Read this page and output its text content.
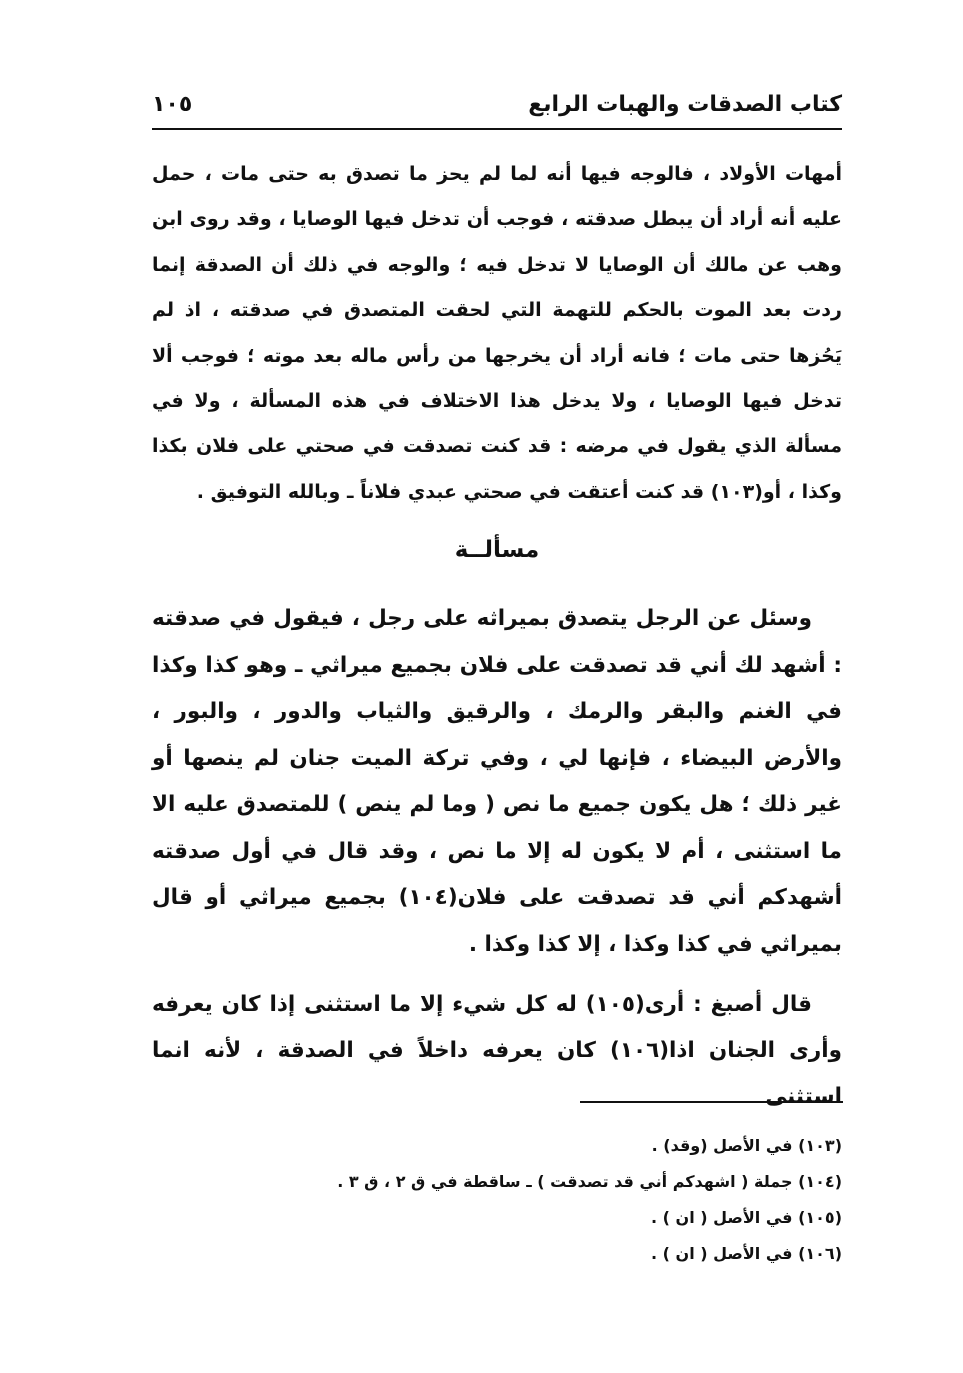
كتاب الصدقات والهبات الرابع
١٠٥

أمهات الأولاد ، فالوجه فيها أنه لما لم يحز ما تصدق به حتى مات ، حمل عليه أنه أراد أن يبطل صدقته ، فوجب أن تدخل فيها الوصايا ، وقد روى ابن وهب عن مالك أن الوصايا لا تدخل فيه ؛ والوجه في ذلك أن الصدقة إنما ردت بعد الموت بالحكم للتهمة التي لحقت المتصدق في صدقته ، اذ لم يَحُزها حتى مات ؛ فانه أراد أن يخرجها من رأس ماله بعد موته ؛ فوجب ألا تدخل فيها الوصايا ، ولا يدخل هذا الاختلاف في هذه المسألة ، ولا في مسألة الذي يقول في مرضه : قد كنت تصدقت في صحتي على فلان بكذا وكذا ، أو(١٠٣) قد كنت أعتقت في صحتي عبدي فلاناً ـ وبالله التوفيق .

مسألــة

وسئل عن الرجل يتصدق بميراثه على رجل ، فيقول في صدقته : أشهد لك أني قد تصدقت على فلان بجميع ميراثي ـ وهو كذا وكذا في الغنم والبقر والرمك ، والرقيق والثياب والدور ، والبور ، والأرض البيضاء ، فإنها لي ، وفي تركة الميت جنان لم ينصها أو غير ذلك ؛ هل يكون جميع ما نص ( وما لم ينص ) للمتصدق عليه الا ما استثنى ، أم لا يكون له إلا ما نص ، وقد قال في أول صدقته أشهدكم أني قد تصدقت على فلان(١٠٤) بجميع ميراثي أو قال بميراثي في كذا وكذا ، إلا كذا وكذا .

قال أصبغ : أرى(١٠٥) له كل شيء إلا ما استثنى إذا كان يعرفه وأرى الجنان اذا(١٠٦) كان يعرفه داخلاً في الصدقة ، لأنه انما استثنى

(١٠٣) في الأصل (وقد) .
(١٠٤) جملة ( اشهدكم أني قد تصدقت ) ـ ساقطة في ق ٢ ، ق ٣ .
(١٠٥) في الأصل ( ان ) .
(١٠٦) في الأصل ( ان ) .
